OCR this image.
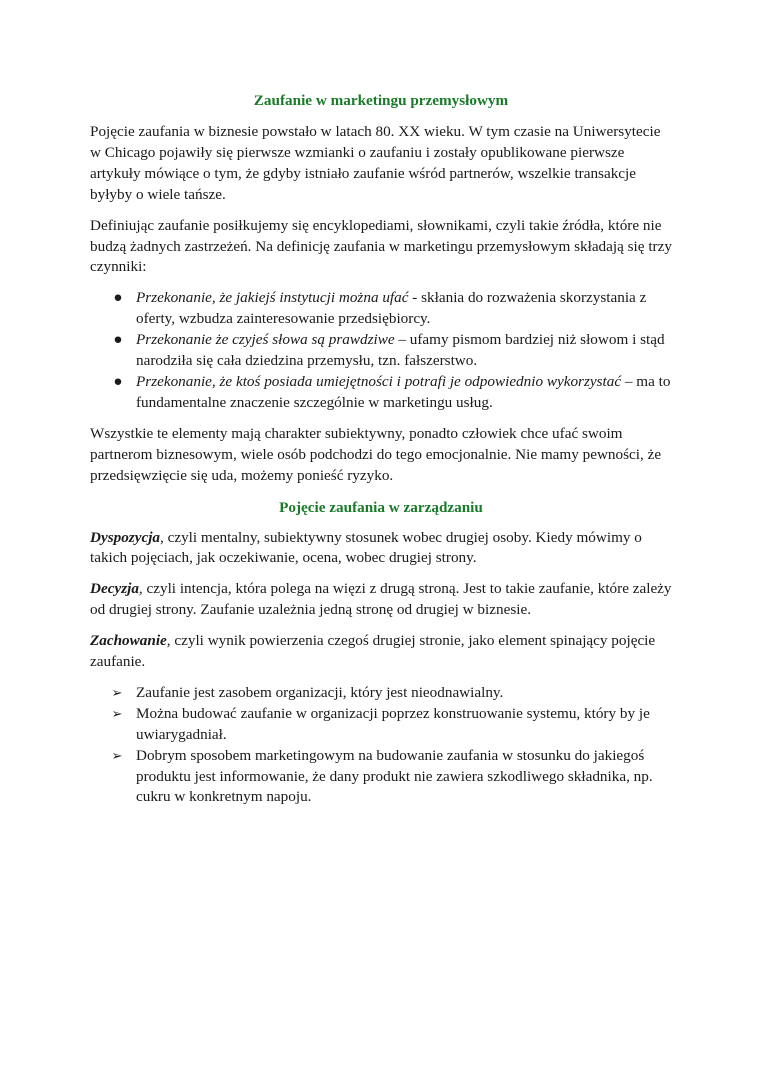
Zaufanie w marketingu przemysłowym

Pojęcie zaufania w biznesie powstało w latach 80. XX wieku. W tym czasie na Uniwersytecie w Chicago pojawiły się pierwsze wzmianki o zaufaniu i zostały opublikowane pierwsze artykuły mówiące o tym, że gdyby istniało zaufanie wśród partnerów, wszelkie transakcje byłyby o wiele tańsze.

Definiując zaufanie posiłkujemy się encyklopediami, słownikami, czyli takie źródła, które nie budzą żadnych zastrzeżeń. Na definicję zaufania w marketingu przemysłowym składają się trzy czynniki:

● Przekonanie, że jakiejś instytucji można ufać - skłania do rozważenia skorzystania z oferty, wzbudza zainteresowanie przedsiębiorcy.
● Przekonanie że czyjeś słowa są prawdziwe – ufamy pismom bardziej niż słowom i stąd narodziła się cała dziedzina przemysłu, tzn. fałszerstwo.
● Przekonanie, że ktoś posiada umiejętności i potrafi je odpowiednio wykorzystać – ma to fundamentalne znaczenie szczególnie w marketingu usług.

Wszystkie te elementy mają charakter subiektywny, ponadto człowiek chce ufać swoim partnerom biznesowym, wiele osób podchodzi do tego emocjonalnie. Nie mamy pewności, że przedsięwzięcie się uda, możemy ponieść ryzyko.

Pojęcie zaufania w zarządzaniu

Dyspozycja, czyli mentalny, subiektywny stosunek wobec drugiej osoby. Kiedy mówimy o takich pojęciach, jak oczekiwanie, ocena, wobec drugiej strony.

Decyzja, czyli intencja, która polega na więzi z drugą stroną. Jest to takie zaufanie, które zależy od drugiej strony. Zaufanie uzależnia jedną stronę od drugiej w biznesie.

Zachowanie, czyli wynik powierzenia czegoś drugiej stronie, jako element spinający pojęcie zaufanie.

➢ Zaufanie jest zasobem organizacji, który jest nieodnawialny.
➢ Można budować zaufanie w organizacji poprzez konstruowanie systemu, który by je uwiarygadniał.
➢ Dobrym sposobem marketingowym na budowanie zaufania w stosunku do jakiegoś produktu jest informowanie, że dany produkt nie zawiera szkodliwego składnika, np. cukru w konkretnym napoju.
